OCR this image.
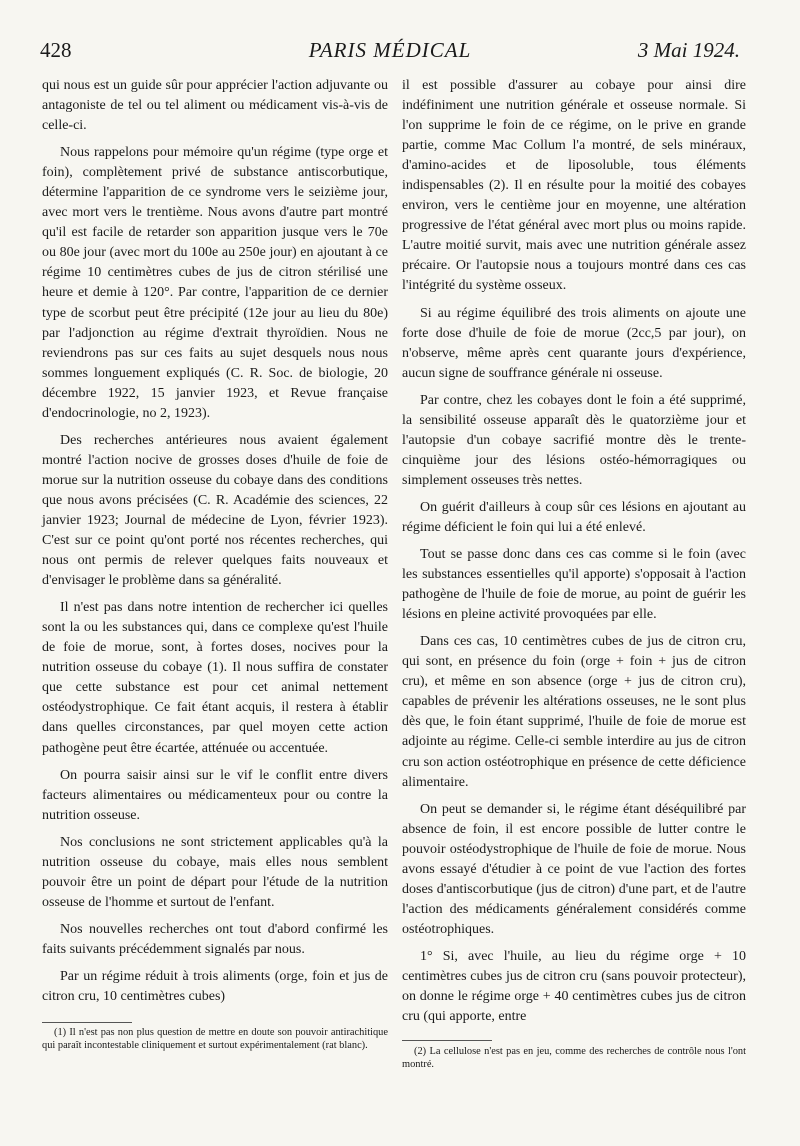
428	PARIS MÉDICAL	3 Mai 1924.

qui nous est un guide sûr pour apprécier l'action adjuvante ou antagoniste de tel ou tel aliment ou médicament vis-à-vis de celle-ci.

Nous rappelons pour mémoire qu'un régime (type orge et foin), complètement privé de substance antiscorbutique, détermine l'apparition de ce syndrome vers le seizième jour, avec mort vers le trentième. Nous avons d'autre part montré qu'il est facile de retarder son apparition jusque vers le 70e ou 80e jour (avec mort du 100e au 250e jour) en ajoutant à ce régime 10 centimètres cubes de jus de citron stérilisé une heure et demie à 120°. Par contre, l'apparition de ce dernier type de scorbut peut être précipité (12e jour au lieu du 80e) par l'adjonction au régime d'extrait thyroïdien. Nous ne reviendrons pas sur ces faits au sujet desquels nous nous sommes longuement expliqués (C. R. Soc. de biologie, 20 décembre 1922, 15 janvier 1923, et Revue française d'endocrinologie, no 2, 1923).

Des recherches antérieures nous avaient également montré l'action nocive de grosses doses d'huile de foie de morue sur la nutrition osseuse du cobaye dans des conditions que nous avons précisées (C. R. Académie des sciences, 22 janvier 1923; Journal de médecine de Lyon, février 1923). C'est sur ce point qu'ont porté nos récentes recherches, qui nous ont permis de relever quelques faits nouveaux et d'envisager le problème dans sa généralité.

Il n'est pas dans notre intention de rechercher ici quelles sont la ou les substances qui, dans ce complexe qu'est l'huile de foie de morue, sont, à fortes doses, nocives pour la nutrition osseuse du cobaye (1). Il nous suffira de constater que cette substance est pour cet animal nettement ostéodystrophique. Ce fait étant acquis, il restera à établir dans quelles circonstances, par quel moyen cette action pathogène peut être écartée, atténuée ou accentuée.

On pourra saisir ainsi sur le vif le conflit entre divers facteurs alimentaires ou médicamenteux pour ou contre la nutrition osseuse.

Nos conclusions ne sont strictement applicables qu'à la nutrition osseuse du cobaye, mais elles nous semblent pouvoir être un point de départ pour l'étude de la nutrition osseuse de l'homme et surtout de l'enfant.

Nos nouvelles recherches ont tout d'abord confirmé les faits suivants précédemment signalés par nous.

Par un régime réduit à trois aliments (orge, foin et jus de citron cru, 10 centimètres cubes)

(1) Il n'est pas non plus question de mettre en doute son pouvoir antirachitique qui paraît incontestable cliniquement et surtout expérimentalement (rat blanc).

il est possible d'assurer au cobaye pour ainsi dire indéfiniment une nutrition générale et osseuse normale. Si l'on supprime le foin de ce régime, on le prive en grande partie, comme Mac Collum l'a montré, de sels minéraux, d'amino-acides et de liposoluble, tous éléments indispensables (2). Il en résulte pour la moitié des cobayes environ, vers le centième jour en moyenne, une altération progressive de l'état général avec mort plus ou moins rapide. L'autre moitié survit, mais avec une nutrition générale assez précaire. Or l'autopsie nous a toujours montré dans ces cas l'intégrité du système osseux.

Si au régime équilibré des trois aliments on ajoute une forte dose d'huile de foie de morue (2cc,5 par jour), on n'observe, même après cent quarante jours d'expérience, aucun signe de souffrance générale ni osseuse.

Par contre, chez les cobayes dont le foin a été supprimé, la sensibilité osseuse apparaît dès le quatorzième jour et l'autopsie d'un cobaye sacrifié montre dès le trente-cinquième jour des lésions ostéo-hémorragiques ou simplement osseuses très nettes.

On guérit d'ailleurs à coup sûr ces lésions en ajoutant au régime déficient le foin qui lui a été enlevé.

Tout se passe donc dans ces cas comme si le foin (avec les substances essentielles qu'il apporte) s'opposait à l'action pathogène de l'huile de foie de morue, au point de guérir les lésions en pleine activité provoquées par elle.

Dans ces cas, 10 centimètres cubes de jus de citron cru, qui sont, en présence du foin (orge + foin + jus de citron cru), et même en son absence (orge + jus de citron cru), capables de prévenir les altérations osseuses, ne le sont plus dès que, le foin étant supprimé, l'huile de foie de morue est adjointe au régime. Celle-ci semble interdire au jus de citron cru son action ostéotrophique en présence de cette déficience alimentaire.

On peut se demander si, le régime étant déséquilibré par absence de foin, il est encore possible de lutter contre le pouvoir ostéodystrophique de l'huile de foie de morue. Nous avons essayé d'étudier à ce point de vue l'action des fortes doses d'antiscorbutique (jus de citron) d'une part, et de l'autre l'action des médicaments généralement considérés comme ostéotrophiques.

1° Si, avec l'huile, au lieu du régime orge + 10 centimètres cubes jus de citron cru (sans pouvoir protecteur), on donne le régime orge + 40 centimètres cubes jus de citron cru (qui apporte, entre

(2) La cellulose n'est pas en jeu, comme des recherches de contrôle nous l'ont montré.
